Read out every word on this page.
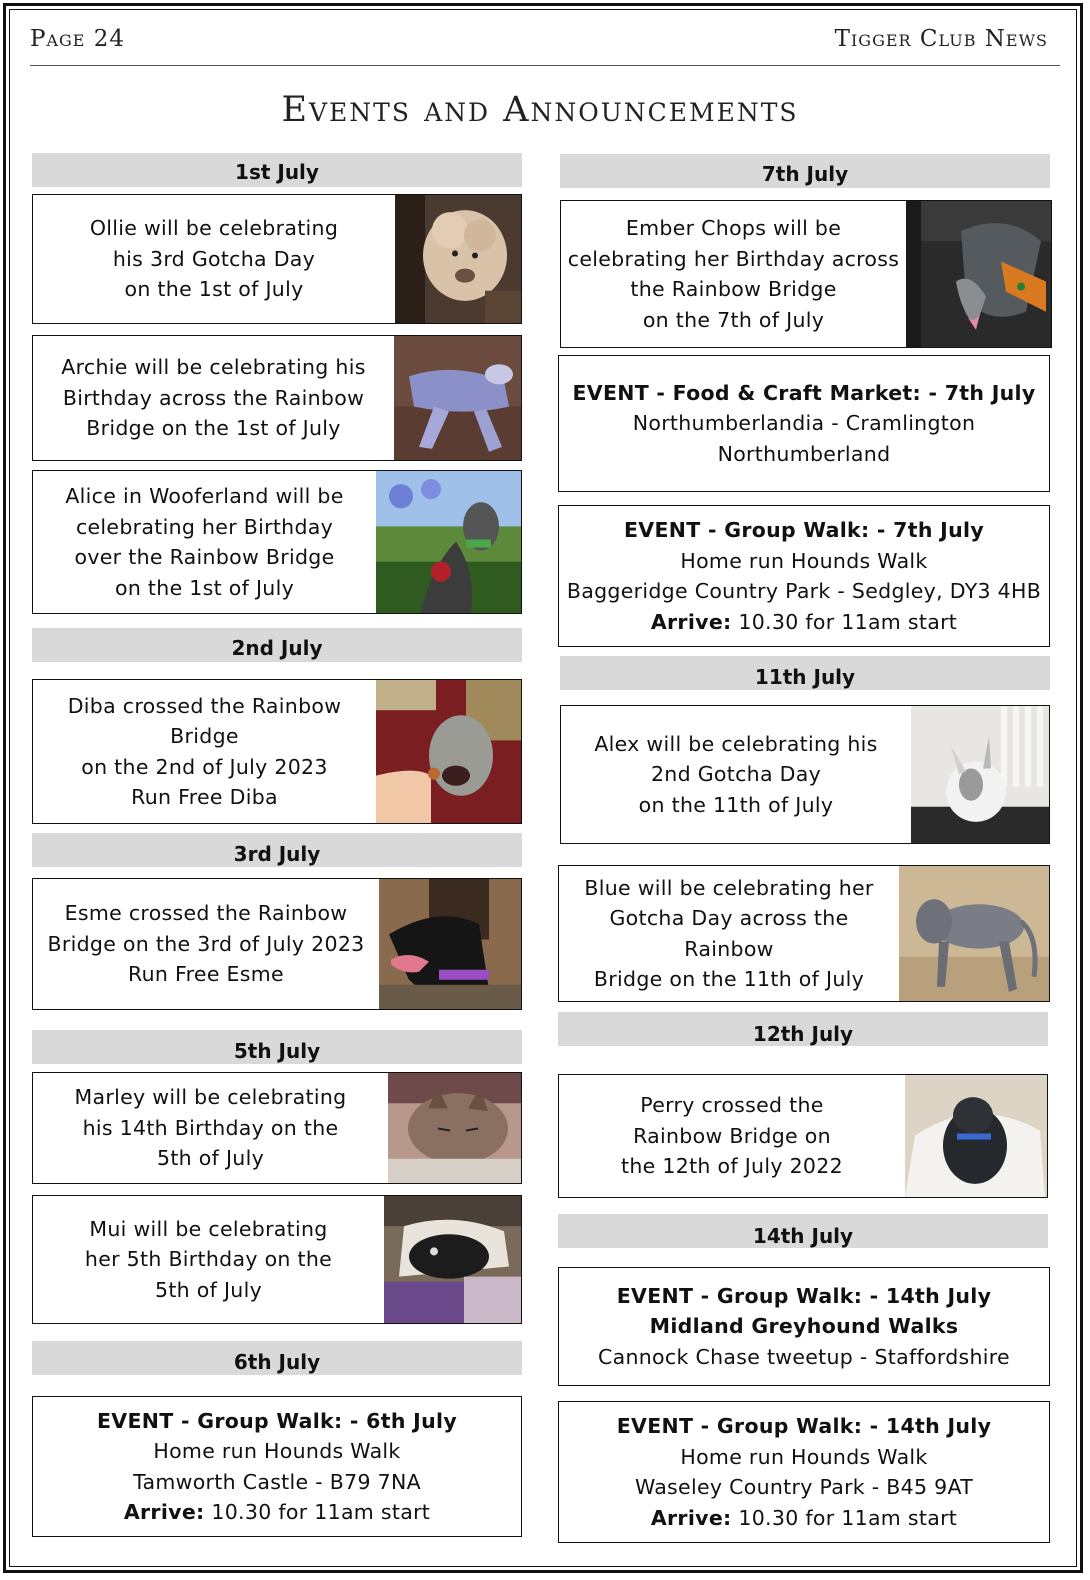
Page 24	Tigger Club News
Events and Announcements
1st July
Ollie will be celebrating
his 3rd Gotcha Day
on the 1st of July
Archie will be celebrating his
Birthday across the Rainbow
Bridge on the 1st of July
Alice in Wooferland will be
celebrating her Birthday
over the Rainbow Bridge
on the 1st of July
2nd July
Diba crossed the Rainbow Bridge
on the 2nd of July 2023
Run Free Diba
3rd July
Esme crossed the Rainbow
Bridge on the 3rd of July 2023
Run Free Esme
5th July
Marley will be celebrating
his 14th Birthday on the
5th of July
Mui will be celebrating
her 5th Birthday on the
5th of July
6th July
EVENT - Group Walk: - 6th July
Home run Hounds Walk
Tamworth Castle - B79 7NA
Arrive: 10.30 for 11am start
7th July
Ember Chops will be
celebrating her Birthday across
the Rainbow Bridge
on the 7th of July
EVENT - Food & Craft Market: - 7th July
Northumberlandia - Cramlington
Northumberland
EVENT - Group Walk: - 7th July
Home run Hounds Walk
Baggeridge Country Park - Sedgley, DY3 4HB
Arrive: 10.30 for 11am start
11th July
Alex will be celebrating his
2nd Gotcha Day
on the 11th of July
Blue will be celebrating her
Gotcha Day across the Rainbow
Bridge on the 11th of July
12th July
Perry crossed the
Rainbow Bridge on
the 12th of July 2022
14th July
EVENT - Group Walk: - 14th July
Midland Greyhound Walks
Cannock Chase tweetup - Staffordshire
EVENT - Group Walk: - 14th July
Home run Hounds Walk
Waseley Country Park - B45 9AT
Arrive: 10.30 for 11am start
